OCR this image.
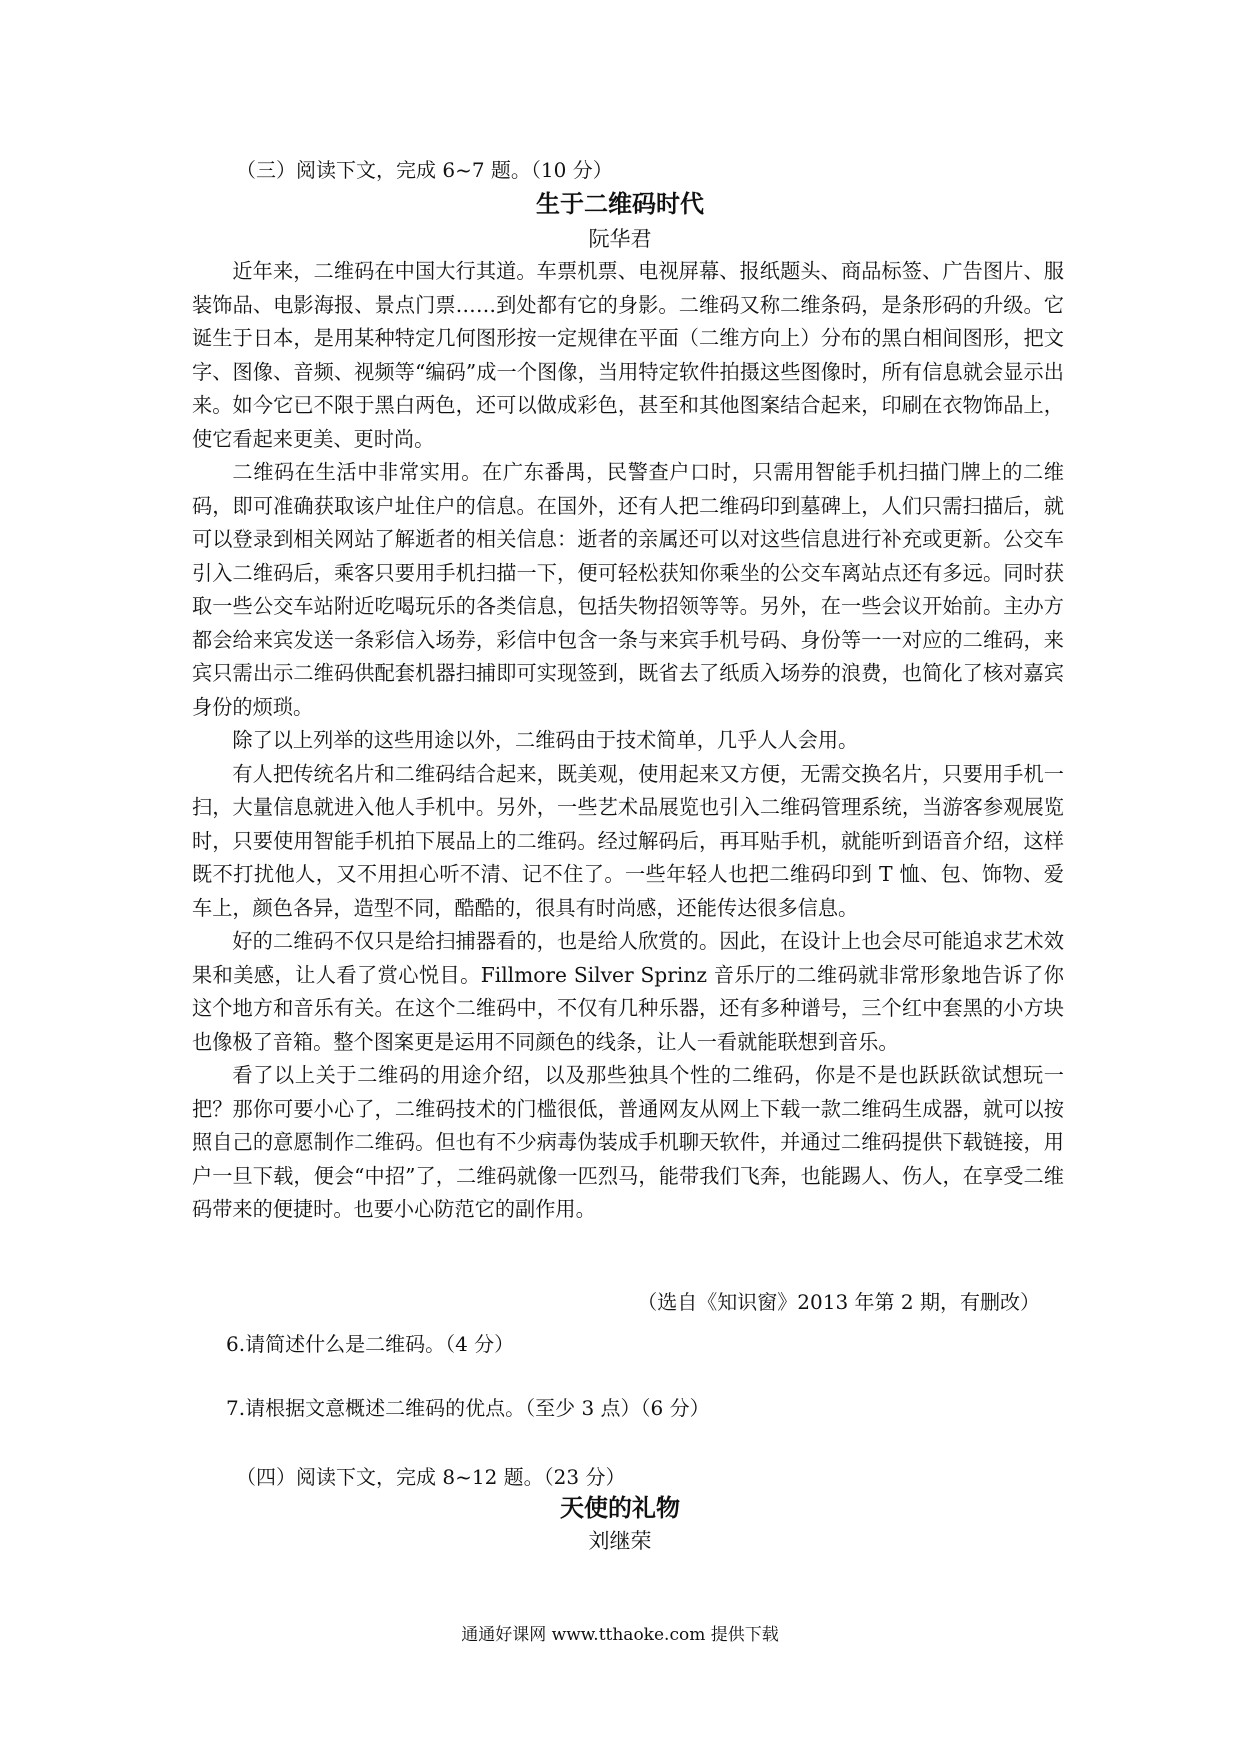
（三）阅读下文，完成 6~7 题。（10 分）
生于二维码时代
阮华君

近年来，二维码在中国大行其道。车票机票、电视屏幕、报纸题头、商品标签、广告图片、服装饰品、电影海报、景点门票……到处都有它的身影。二维码又称二维条码，是条形码的升级。它诞生于日本，是用某种特定几何图形按一定规律在平面（二维方向上）分布的黑白相间图形，把文字、图像、音频、视频等“编码”成一个图像，当用特定软件拍摄这些图像时，所有信息就会显示出来。如今它已不限于黑白两色，还可以做成彩色，甚至和其他图案结合起来，印刷在衣物饰品上，使它看起来更美、更时尚。

二维码在生活中非常实用。在广东番禺，民警查户口时，只需用智能手机扫描门牌上的二维码，即可准确获取该户址住户的信息。在国外，还有人把二维码印到墓碑上，人们只需扫描后，就可以登录到相关网站了解逝者的相关信息：逝者的亲属还可以对这些信息进行补充或更新。公交车引入二维码后，乘客只要用手机扫描一下，便可轻松获知你乘坐的公交车离站点还有多远。同时获取一些公交车站附近吃喝玩乐的各类信息，包括失物招领等等。另外，在一些会议开始前。主办方都会给来宾发送一条彩信入场券，彩信中包含一条与来宾手机号码、身份等一一对应的二维码，来宾只需出示二维码供配套机器扫捕即可实现签到，既省去了纸质入场券的浪费，也简化了核对嘉宾身份的烦琐。

除了以上列举的这些用途以外，二维码由于技术简单，几乎人人会用。

有人把传统名片和二维码结合起来，既美观，使用起来又方便，无需交换名片，只要用手机一扫，大量信息就进入他人手机中。另外，一些艺术品展览也引入二维码管理系统，当游客参观展览时，只要使用智能手机拍下展品上的二维码。经过解码后，再耳贴手机，就能听到语音介绍，这样既不打扰他人，又不用担心听不清、记不住了。一些年轻人也把二维码印到 T 恤、包、饰物、爱车上，颜色各异，造型不同，酷酷的，很具有时尚感，还能传达很多信息。

好的二维码不仅只是给扫捕器看的，也是给人欣赏的。因此，在设计上也会尽可能追求艺术效果和美感，让人看了赏心悦目。Fillmore Silver Sprinz 音乐厅的二维码就非常形象地告诉了你这个地方和音乐有关。在这个二维码中，不仅有几种乐器，还有多种谱号，三个红中套黑的小方块也像极了音箱。整个图案更是运用不同颜色的线条，让人一看就能联想到音乐。

看了以上关于二维码的用途介绍，以及那些独具个性的二维码，你是不是也跃跃欲试想玩一把？那你可要小心了，二维码技术的门槛很低，普通网友从网上下载一款二维码生成器，就可以按照自己的意愿制作二维码。但也有不少病毒伪装成手机聊天软件，并通过二维码提供下载链接，用户一旦下载，便会“中招”了，二维码就像一匹烈马，能带我们飞奔，也能踢人、伤人，在享受二维码带来的便捷时。也要小心防范它的副作用。

（选自《知识窗》2013 年第 2 期，有删改）
6.请简述什么是二维码。（4 分）
7.请根据文意概述二维码的优点。（至少 3 点）（6 分）
（四）阅读下文，完成 8~12 题。（23 分）
天使的礼物
刘继荣
通通好课网 www.tthaoke.com 提供下载
